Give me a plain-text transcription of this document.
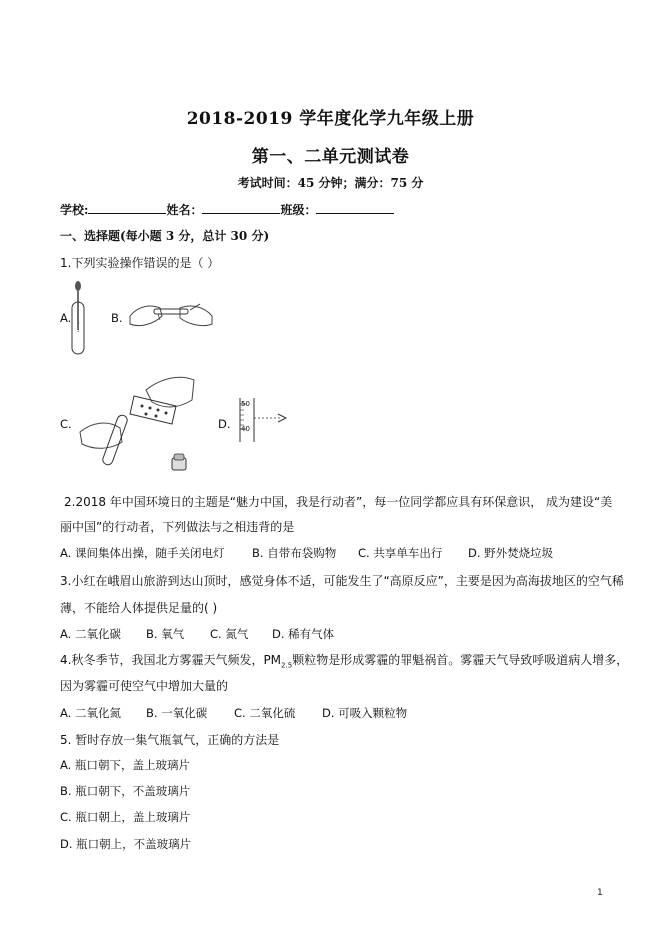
2018-2019 学年度化学九年级上册
第一、二单元测试卷
考试时间：45 分钟；满分：75 分
学校:	姓名：	班级：
一、选择题(每小题 3 分，总计 30 分)
1.下列实验操作错误的是（ ）
A. 5
5
B.
C.	D.
50
40
2.2018 年中国环境日的主题是“魅力中国，我是行动者”，每一位同学都应具有环保意识， 成为建设“美
丽中国”的行动者，下列做法与之相违背的是
A. 课间集体出操，随手关闭电灯 B. 自带布袋购物 C. 共享单车出行 D. 野外焚烧垃圾
3.小红在峨眉山旅游到达山顶时，感觉身体不适，可能发生了“高原反应”，主要是因为高海拔地区的空气稀
薄，不能给人体提供足量的( )
A. 二氧化碳 B. 氧气 C. 氮气 D. 稀有气体
4.秋冬季节，我国北方雾霾天气频发，$PM_{2.5}$颗粒物是形成雾霾的罪魁祸首。雾霾天气导致呼吸道病人增多，
因为雾霾可使空气中增加大量的
A. 二氧化氮 B. 一氧化碳 C. 二氧化硫 D. 可吸入颗粒物
5. 暂时存放一集气瓶氧气，正确的方法是
A. 瓶口朝下，盖上玻璃片
B. 瓶口朝下，不盖玻璃片
C. 瓶口朝上，盖上玻璃片
D. 瓶口朝上，不盖玻璃片
1
